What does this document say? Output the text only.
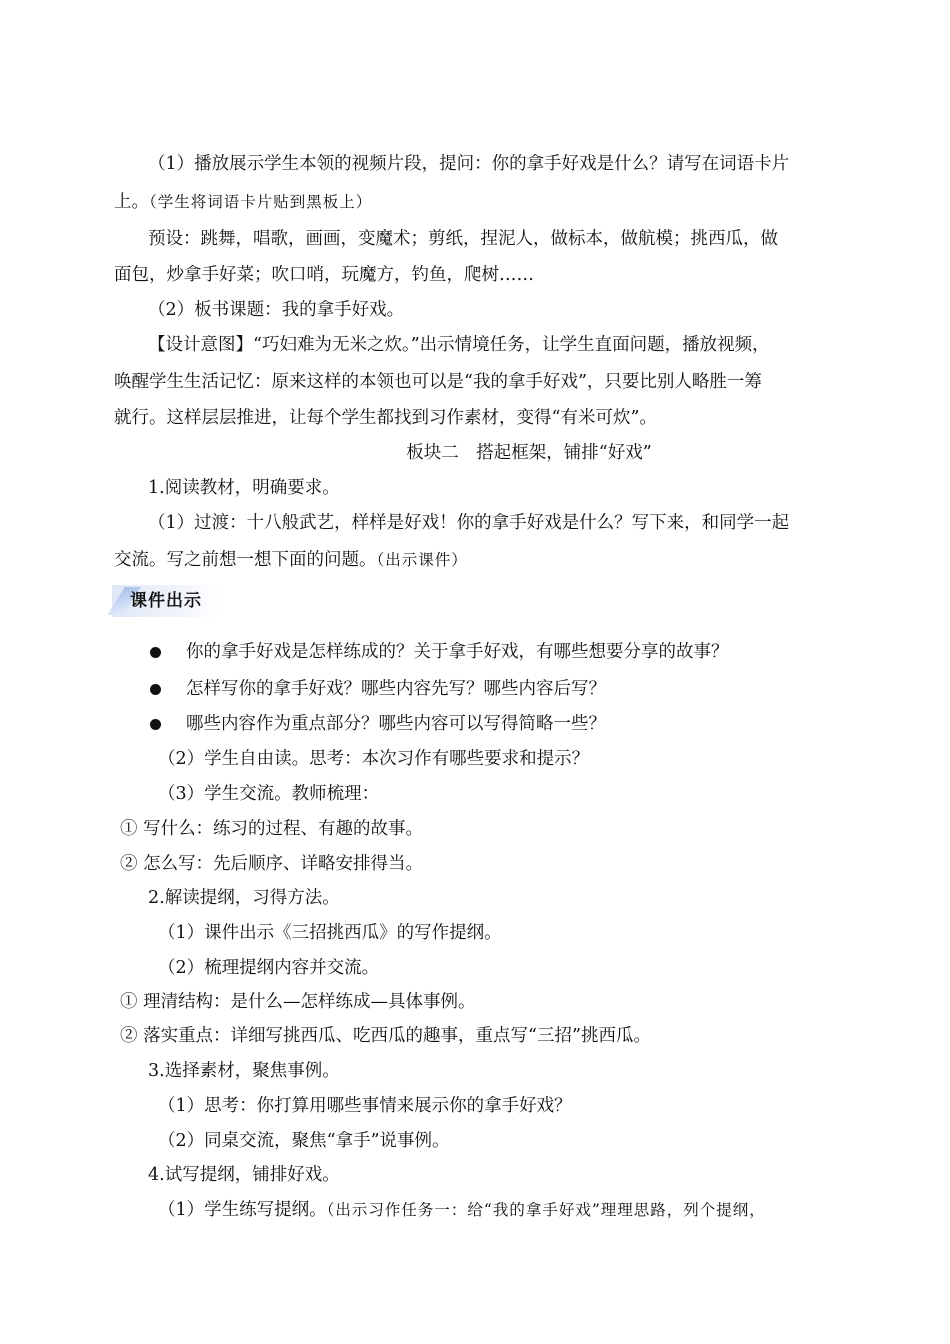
（1）播放展示学生本领的视频片段，提问：你的拿手好戏是什么？请写在词语卡片
上。（学生将词语卡片贴到黑板上）
预设：跳舞，唱歌，画画，变魔术；剪纸，捏泥人，做标本，做航模；挑西瓜，做
面包，炒拿手好菜；吹口哨，玩魔方，钓鱼，爬树……
（2）板书课题：我的拿手好戏。
【设计意图】“巧妇难为无米之炊。”出示情境任务，让学生直面问题，播放视频，
唤醒学生生活记忆：原来这样的本领也可以是“我的拿手好戏”，只要比别人略胜一筹
就行。这样层层推进，让每个学生都找到习作素材，变得“有米可炊”。
板块二　搭起框架，铺排“好戏”
1.阅读教材，明确要求。
（1）过渡：十八般武艺，样样是好戏！你的拿手好戏是什么？写下来，和同学一起
交流。写之前想一想下面的问题。（出示课件）
课件出示
你的拿手好戏是怎样练成的？关于拿手好戏，有哪些想要分享的故事？
怎样写你的拿手好戏？哪些内容先写？哪些内容后写？
哪些内容作为重点部分？哪些内容可以写得简略一些？
（2）学生自由读。思考：本次习作有哪些要求和提示？
（3）学生交流。教师梳理：
① 写什么：练习的过程、有趣的故事。
② 怎么写：先后顺序、详略安排得当。
2.解读提纲，习得方法。
（1）课件出示《三招挑西瓜》的写作提纲。
（2）梳理提纲内容并交流。
① 理清结构：是什么—怎样练成—具体事例。
② 落实重点：详细写挑西瓜、吃西瓜的趣事，重点写“三招”挑西瓜。
3.选择素材，聚焦事例。
（1）思考：你打算用哪些事情来展示你的拿手好戏？
（2）同桌交流，聚焦“拿手”说事例。
4.试写提纲，铺排好戏。
（1）学生练写提纲。（出示习作任务一：给“我的拿手好戏”理理思路，列个提纲，
